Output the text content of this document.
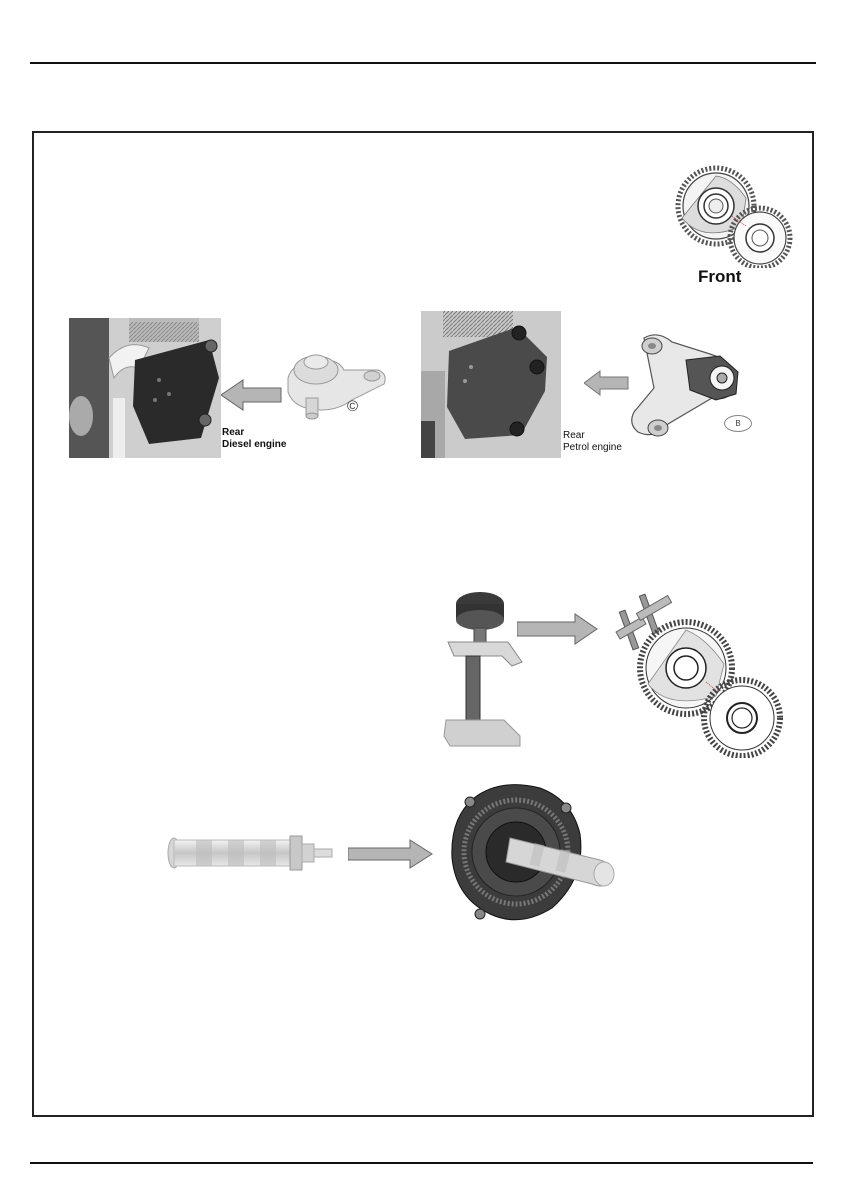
Front
©
Rear
Diesel engine
B
Rear
Petrol engine
